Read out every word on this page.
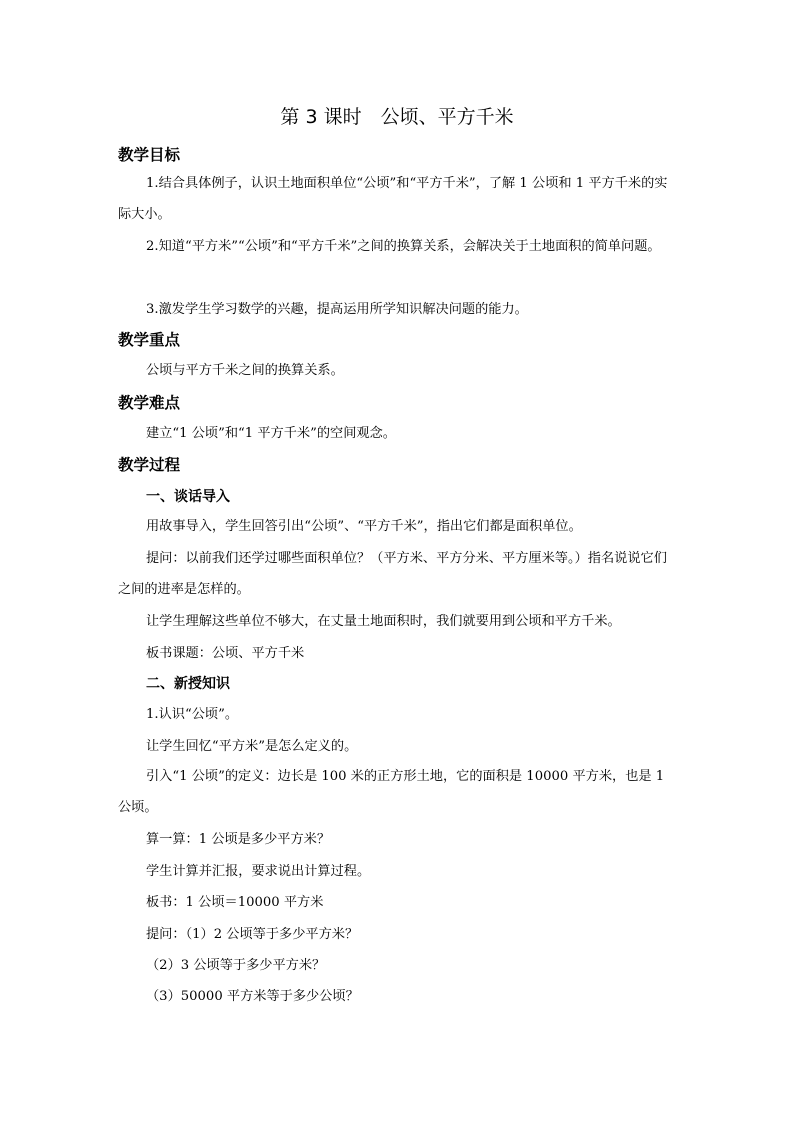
第 3 课时　公顷、平方千米
教学目标
1.结合具体例子，认识土地面积单位“公顷”和“平方千米”，了解 1 公顷和 1 平方千米的实际大小。
2.知道“平方米”“公顷”和“平方千米”之间的换算关系，会解决关于土地面积的简单问题。
3.激发学生学习数学的兴趣，提高运用所学知识解决问题的能力。
教学重点
公顷与平方千米之间的换算关系。
教学难点
建立“1 公顷”和“1 平方千米”的空间观念。
教学过程
一、谈话导入
用故事导入，学生回答引出“公顷”、“平方千米”，指出它们都是面积单位。
提问：以前我们还学过哪些面积单位？（平方米、平方分米、平方厘米等。）指名说说它们之间的进率是怎样的。
让学生理解这些单位不够大，在丈量土地面积时，我们就要用到公顷和平方千米。
板书课题：公顷、平方千米
二、新授知识
1.认识“公顷”。
让学生回忆“平方米”是怎么定义的。
引入“1 公顷”的定义：边长是 100 米的正方形土地，它的面积是 10000 平方米，也是 1 公顷。
算一算：1 公顷是多少平方米？
学生计算并汇报，要求说出计算过程。
板书：1 公顷＝10000 平方米
提问：（1）2 公顷等于多少平方米？
（2）3 公顷等于多少平方米？
（3）50000 平方米等于多少公顷？
